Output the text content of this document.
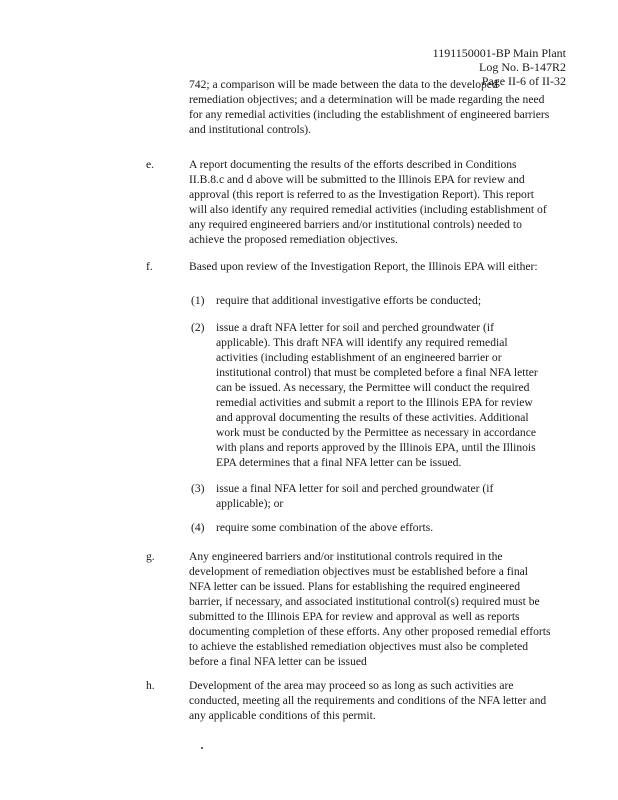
1191150001-BP Main Plant
Log No. B-147R2
Page II-6 of II-32
742; a comparison will be made between the data to the developed remediation objectives; and a determination will be made regarding the need for any remedial activities (including the establishment of engineered barriers and institutional controls).
e.	A report documenting the results of the efforts described in Conditions II.B.8.c and d above will be submitted to the Illinois EPA for review and approval (this report is referred to as the Investigation Report). This report will also identify any required remedial activities (including establishment of any required engineered barriers and/or institutional controls) needed to achieve the proposed remediation objectives.
f.	Based upon review of the Investigation Report, the Illinois EPA will either:
(1) require that additional investigative efforts be conducted;
(2) issue a draft NFA letter for soil and perched groundwater (if applicable). This draft NFA will identify any required remedial activities (including establishment of an engineered barrier or institutional control) that must be completed before a final NFA letter can be issued. As necessary, the Permittee will conduct the required remedial activities and submit a report to the Illinois EPA for review and approval documenting the results of these activities. Additional work must be conducted by the Permittee as necessary in accordance with plans and reports approved by the Illinois EPA, until the Illinois EPA determines that a final NFA letter can be issued.
(3) issue a final NFA letter for soil and perched groundwater (if applicable); or
(4) require some combination of the above efforts.
g.	Any engineered barriers and/or institutional controls required in the development of remediation objectives must be established before a final NFA letter can be issued. Plans for establishing the required engineered barrier, if necessary, and associated institutional control(s) required must be submitted to the Illinois EPA for review and approval as well as reports documenting completion of these efforts. Any other proposed remedial efforts to achieve the established remediation objectives must also be completed before a final NFA letter can be issued
h.	Development of the area may proceed so as long as such activities are conducted, meeting all the requirements and conditions of the NFA letter and any applicable conditions of this permit.
